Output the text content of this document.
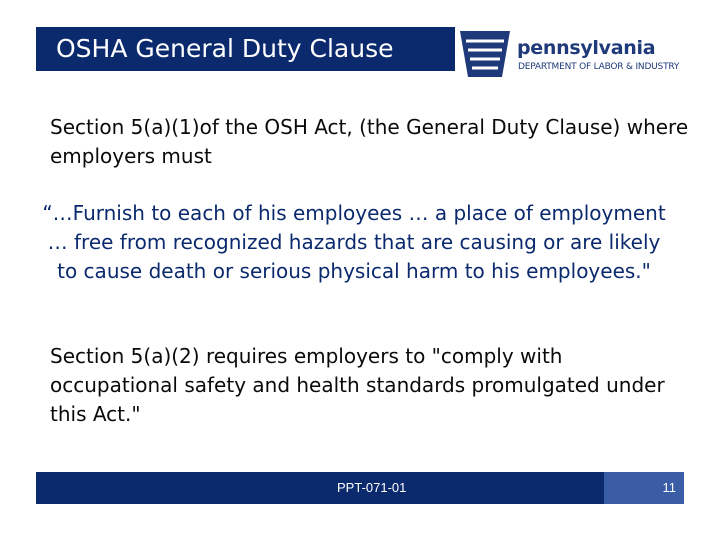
OSHA General Duty Clause	pennsylvania
DEPARTMENT OF LABOR & INDUSTRY

Section 5(a)(1)of the OSH Act, (the General Duty Clause) where employers must

“…Furnish to each of his employees … a place of employment … free from recognized hazards that are causing or are likely to cause death or serious physical harm to his employees."

Section 5(a)(2) requires employers to "comply with occupational safety and health standards promulgated under this Act."

PPT-071-01	11
